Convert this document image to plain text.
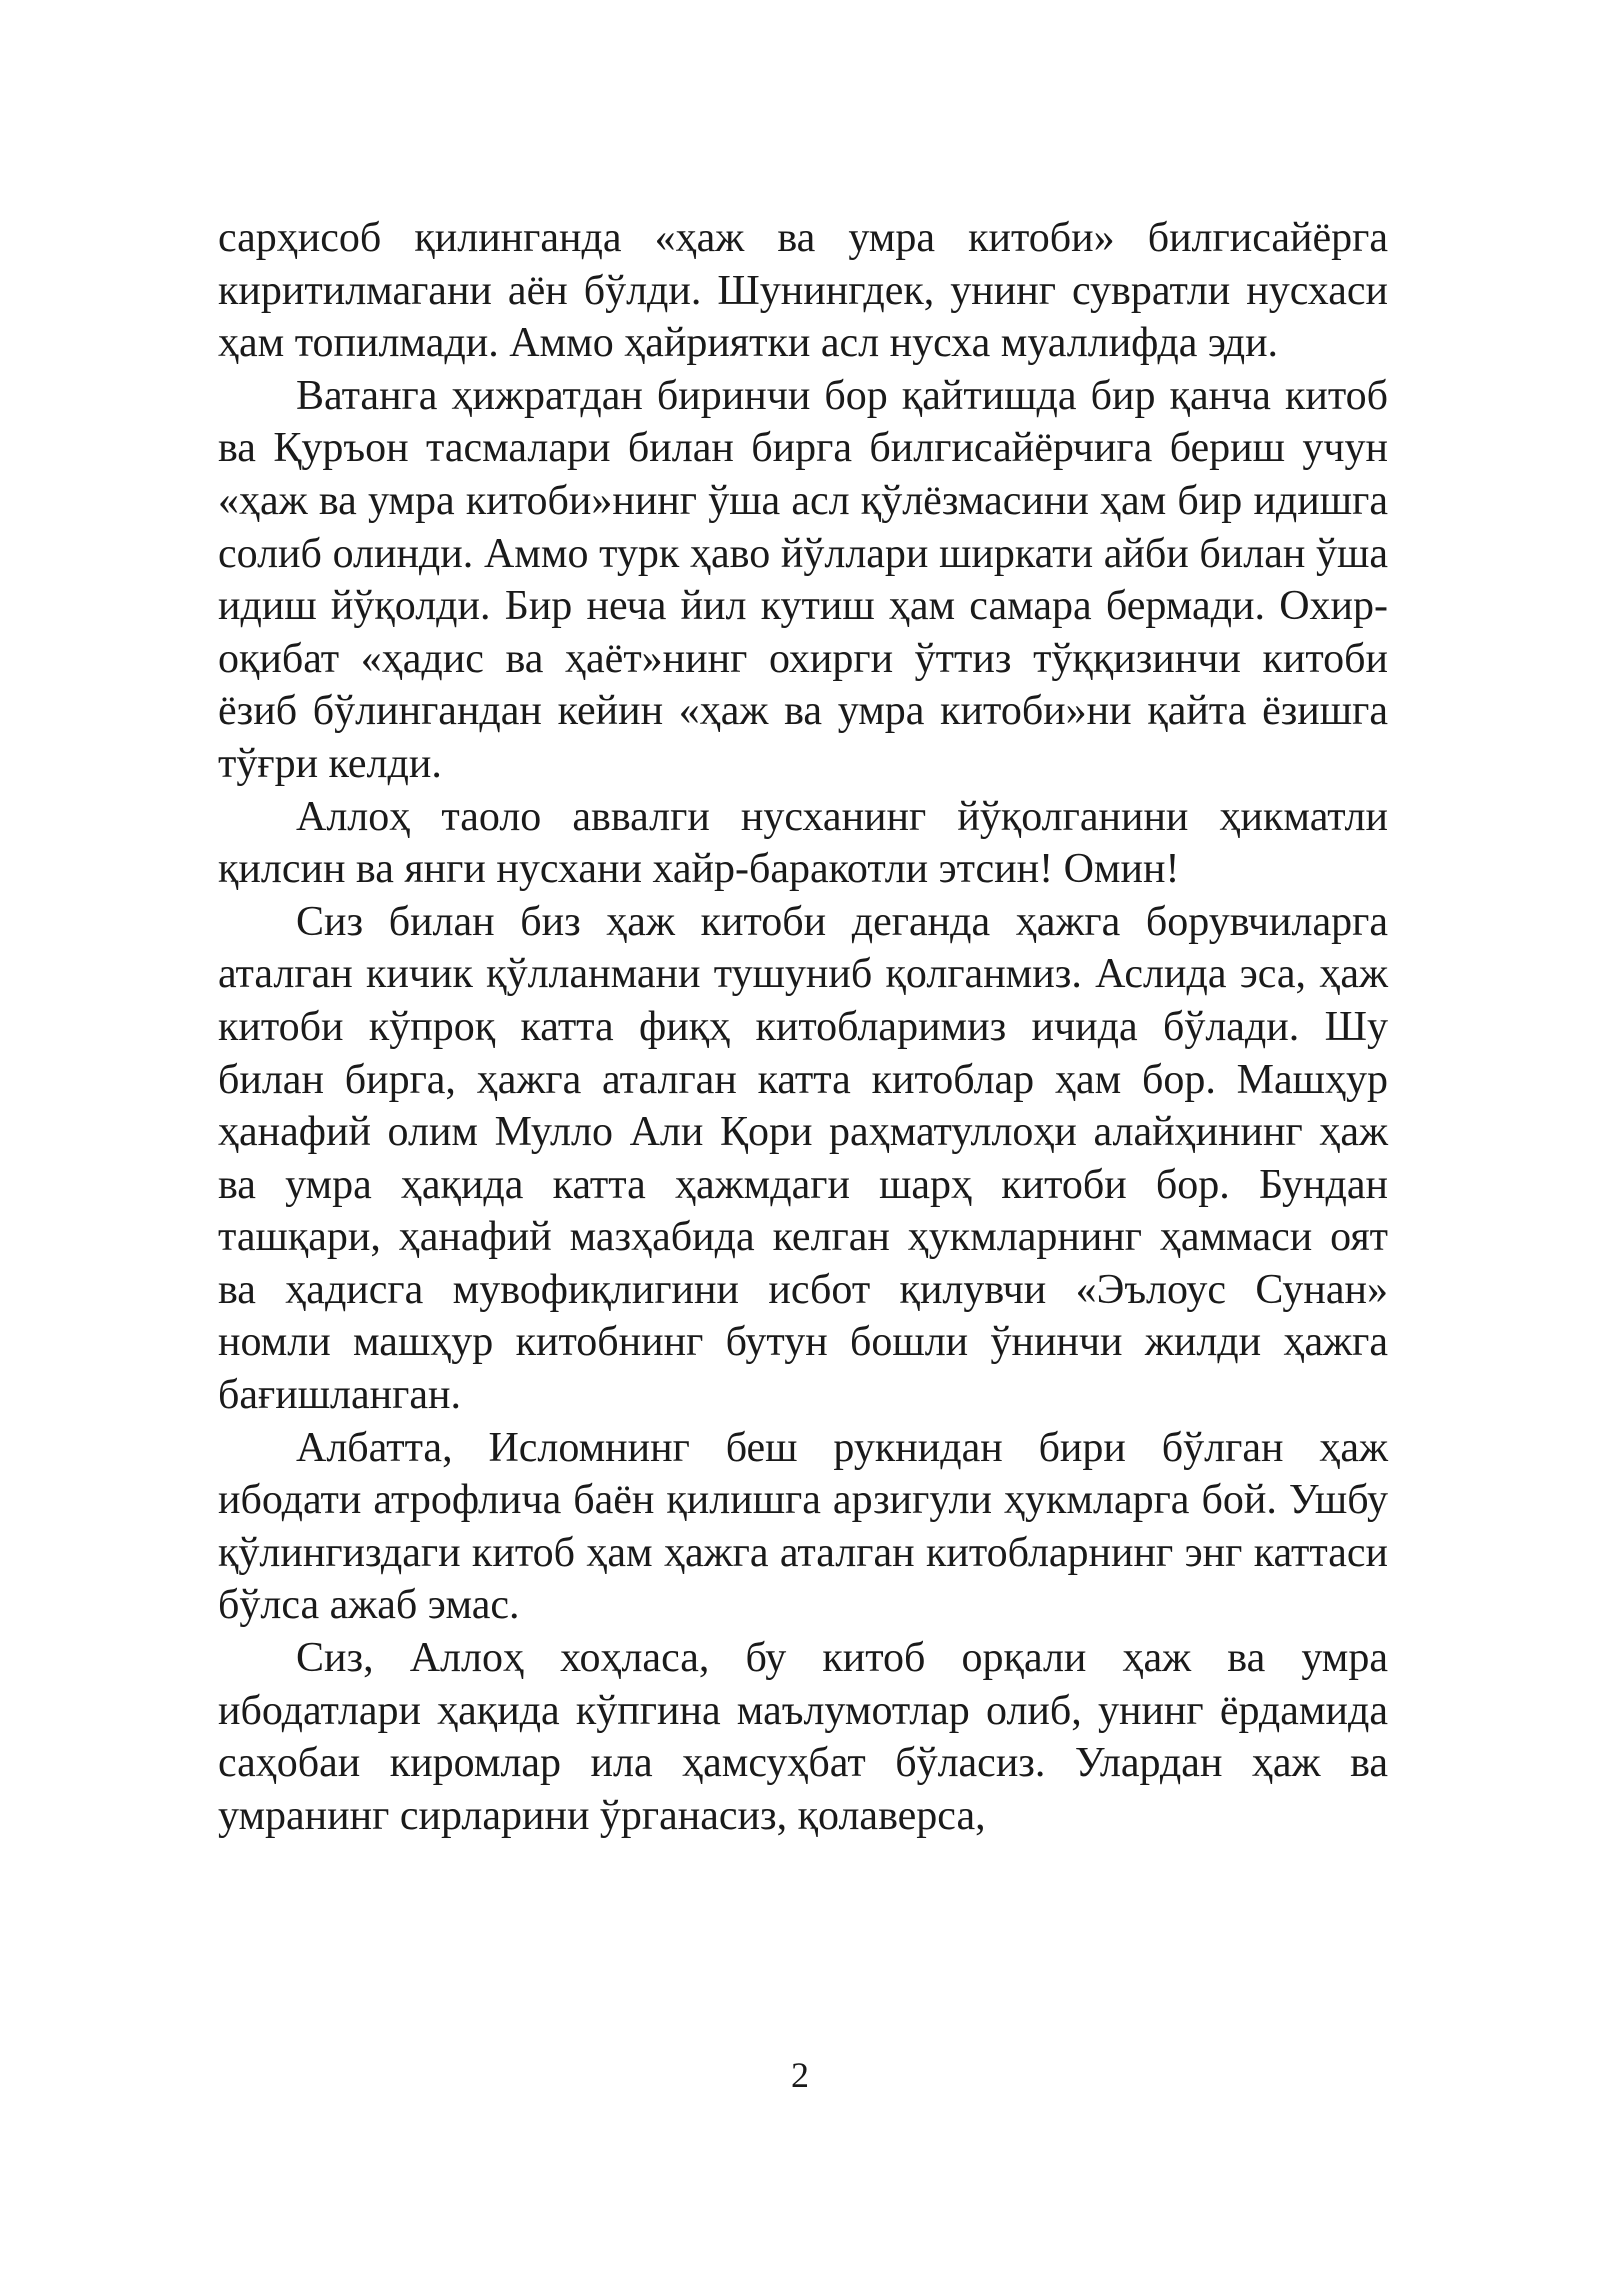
сарҳисоб қилинганда «ҳаж ва умра китоби» билгисайёрга киритилмагани аён бўлди. Шунингдек, унинг сувратли нусхаси ҳам топилмади. Аммо ҳайриятки асл нусха муаллифда эди.

Ватанга ҳижратдан биринчи бор қайтишда бир қанча китоб ва Қуръон тасмалари билан бирга билгисайёрчига бериш учун «ҳаж ва умра китоби»нинг ўша асл қўлёзмасини ҳам бир идишга солиб олинди. Аммо турк ҳаво йўллари ширкати айби билан ўша идиш йўқолди. Бир неча йил кутиш ҳам самара бермади. Охир-оқибат «ҳадис ва ҳаёт»нинг охирги ўттиз тўққизинчи китоби ёзиб бўлингандан кейин «ҳаж ва умра китоби»ни қайта ёзишга тўғри келди.

Аллоҳ таоло аввалги нусханинг йўқолганини ҳикматли қилсин ва янги нусхани хайр-баракотли этсин! Омин!

Сиз билан биз ҳаж китоби деганда ҳажга борувчиларга аталган кичик қўлланмани тушуниб қолганмиз. Аслида эса, ҳаж китоби кўпроқ катта фиқҳ китобларимиз ичида бўлади. Шу билан бирга, ҳажга аталган катта китоблар ҳам бор. Машҳур ҳанафий олим Мулло Али Қори раҳматуллоҳи алайҳининг ҳаж ва умра ҳақида катта ҳажмдаги шарҳ китоби бор. Бундан ташқари, ҳанафий мазҳабида келган ҳукмларнинг ҳаммаси оят ва ҳадисга мувофиқлигини исбот қилувчи «Эълоус Сунан» номли машҳур китобнинг бутун бошли ўнинчи жилди ҳажга бағишланган.

Албатта, Исломнинг беш рукнидан бири бўлган ҳаж ибодати атрофлича баён қилишга арзигули ҳукмларга бой. Ушбу қўлингиздаги китоб ҳам ҳажга аталган китобларнинг энг каттаси бўлса ажаб эмас.

Сиз, Аллоҳ хоҳласа, бу китоб орқали ҳаж ва умра ибодатлари ҳақида кўпгина маълумотлар олиб, унинг ёрдамида саҳобаи киромлар ила ҳамсуҳбат бўласиз. Улардан ҳаж ва умранинг сирларини ўрганасиз, қолаверса,

2
